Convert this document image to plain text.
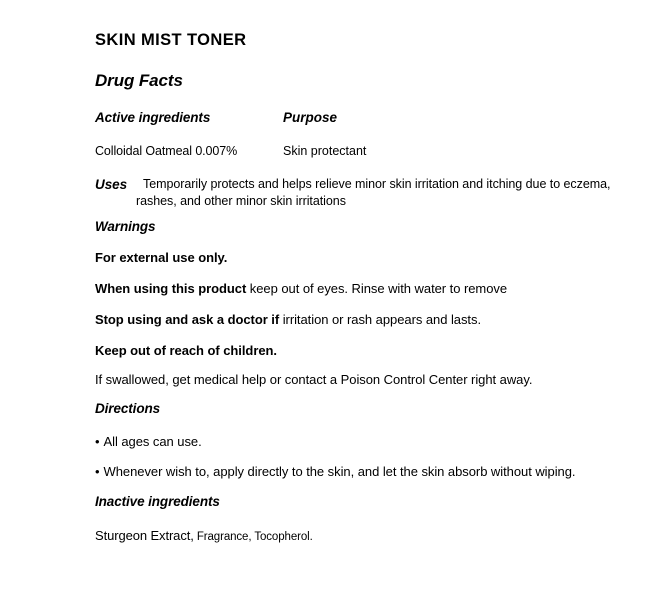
SKIN MIST TONER
Drug Facts
Active ingredients	Purpose
Colloidal Oatmeal 0.007%	Skin protectant

Uses	Temporarily protects and helps relieve minor skin irritation and itching due to eczema, rashes, and other minor skin irritations

Warnings
For external use only.
When using this product keep out of eyes. Rinse with water to remove
Stop using and ask a doctor if irritation or rash appears and lasts.
Keep out of reach of children.
If swallowed, get medical help or contact a Poison Control Center right away.
Directions
• All ages can use.
• Whenever wish to, apply directly to the skin, and let the skin absorb without wiping.
Inactive ingredients
Sturgeon Extract, Fragrance, Tocopherol.
